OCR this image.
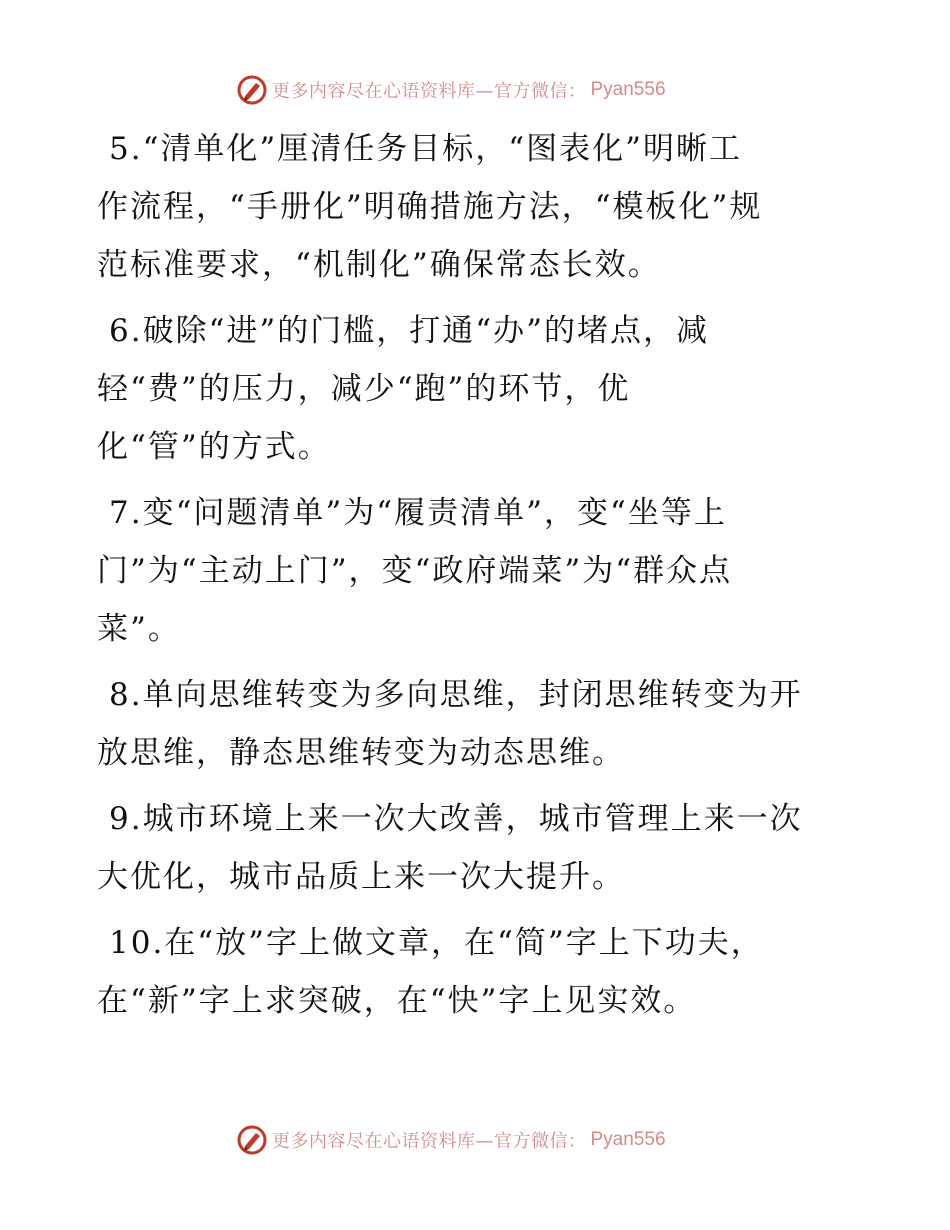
更多内容尽在心语资料库—官方微信： Pyan556
5.“清单化”厘清任务目标，“图表化”明晰工
作流程，“手册化”明确措施方法，“模板化”规
范标准要求，“机制化”确保常态长效。
6.破除“进”的门槛，打通“办”的堵点，减
轻“费”的压力，减少“跑”的环节，优
化“管”的方式。
7.变“问题清单”为“履责清单”，变“坐等上
门”为“主动上门”，变“政府端菜”为“群众点
菜”。
8.单向思维转变为多向思维，封闭思维转变为开
放思维，静态思维转变为动态思维。
9.城市环境上来一次大改善，城市管理上来一次
大优化，城市品质上来一次大提升。
10.在“放”字上做文章，在“简”字上下功夫，
在“新”字上求突破，在“快”字上见实效。
更多内容尽在心语资料库—官方微信： Pyan556
